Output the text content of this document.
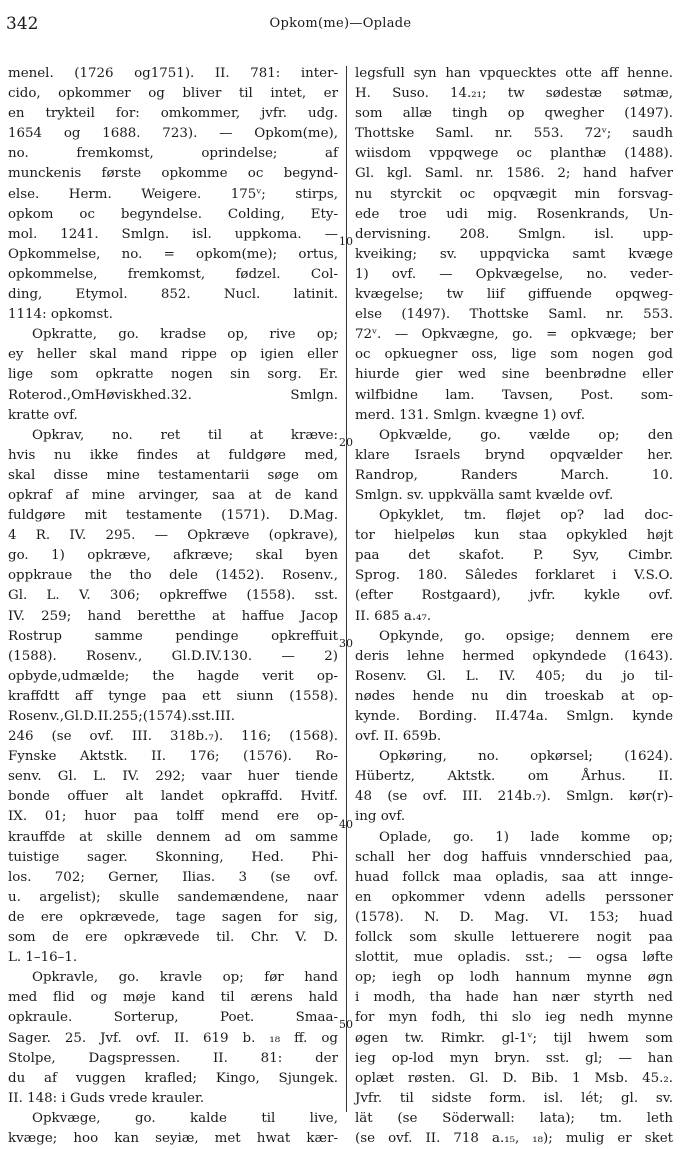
342	Opkom(me)—Oplade
menel. (1726 og1751). II. 781: inter-
cido, opkommer og bliver til intet, er
en trykteil for: omkommer, jvfr. udg.
1654 og 1688. 723). — Opkom(me),
no. fremkomst, oprindelse; af
munckenis første opkomme oc begynd-
else. Herm. Weigere. 175ᵛ; stirps,
opkom oc begyndelse. Colding, Ety-
mol. 1241. Smlgn. isl. uppkoma. —
Opkommelse, no. = opkom(me); ortus,
opkommelse, fremkomst, fødzel. Col-
ding, Etymol. 852. Nucl. latinit.
1114: opkomst.
Opkratte, go. kradse op, rive op;
ey heller skal mand rippe op igien eller
lige som opkratte nogen sin sorg. Er.
Roterod.,OmHøviskhed.32. Smlgn.
kratte ovf.
Opkrav, no. ret til at kræve:
hvis nu ikke findes at fuldgøre med,
skal disse mine testamentarii søge om
opkraf af mine arvinger, saa at de kand
fuldgøre mit testamente (1571). D.Mag.
4 R. IV. 295. — Opkræve (opkrave),
go. 1) opkræve, afkræve; skal byen
oppkraue the tho dele (1452). Rosenv.,
Gl. L. V. 306; opkreffwe (1558). sst.
IV. 259; hand beretthe at haffue Jacop
Rostrup samme pendinge opkreffuit
(1588). Rosenv., Gl.D.IV.130. — 2)
opbyde,udmælde; the hagde verit op-
kraffdtt aff tynge paa ett siunn (1558).
Rosenv.,Gl.D.II.255;(1574).sst.III.
246 (se ovf. III. 318b.₇). 116; (1568).
Fynske Aktstk. II. 176; (1576). Ro-
senv. Gl. L. IV. 292; vaar huer tiende
bonde offuer alt landet opkraffd. Hvitf.
IX. 01; huor paa tolff mend ere op-
krauffde at skille dennem ad om samme
tuistige sager. Skonning, Hed. Phi-
los. 702; Gerner, Ilias. 3 (se ovf.
u. argelist); skulle sandemændene, naar
de ere opkrævede, tage sagen for sig,
som de ere opkrævede til. Chr. V. D.
L. 1–16–1.
Opkravle, go. kravle op; før hand
med flid og møje kand til ærens hald
opkraule. Sorterup, Poet. Smaa-
Sager. 25. Jvf. ovf. II. 619 b. ₁₈ ff. og
Stolpe, Dagspressen. II. 81: der
du af vuggen krafled; Kingo, Sjungek.
II. 148: i Guds vrede krauler.
Opkvæge, go. kalde til live,
kvæge; hoo kan seyiæ, met hwat kær-
legsfull syn han vpquecktes otte aff henne.
H. Suso. 14.₂₁; tw sødestæ søtmæ,
som allæ tingh op qwegher (1497).
Thottske Saml. nr. 553. 72ᵛ; saudh
wiisdom vppqwege oc planthæ (1488).
Gl. kgl. Saml. nr. 1586. 2; hand hafver
nu styrckit oc opqvægit min forsvag-
ede troe udi mig. Rosenkrands, Un-
dervisning. 208. Smlgn. isl. upp-
kveiking; sv. uppqvicka samt kvæge
1) ovf. — Opkvægelse, no. veder-
kvægelse; tw liif giffuende opqweg-
else (1497). Thottske Saml. nr. 553.
72ᵛ. — Opkvægne, go. = opkvæge; ber
oc opkuegner oss, lige som nogen god
hiurde gier wed sine beenbrødne eller
wilfbidne lam. Tavsen, Post. som-
merd. 131. Smlgn. kvægne 1) ovf.
Opkvælde, go. vælde op; den
klare Israels brynd opqvælder her.
Randrop, Randers March. 10.
Smlgn. sv. uppkvälla samt kvælde ovf.
Opkyklet, tm. fløjet op? lad doc-
tor hielpeløs kun staa opkykled højt
paa det skafot. P. Syv, Cimbr.
Sprog. 180. Sâledes forklaret i V.S.O.
(efter Rostgaard), jvfr. kykle ovf.
II. 685 a.₄₇.
Opkynde, go. opsige; dennem ere
deris lehne hermed opkyndede (1643).
Rosenv. Gl. L. IV. 405; du jo til-
nødes hende nu din troeskab at op-
kynde. Bording. II.474a. Smlgn. kynde
ovf. II. 659b.
Opkøring, no. opkørsel; (1624).
Hübertz, Aktstk. om Århus. II.
48 (se ovf. III. 214b.₇). Smlgn. kør(r)-
ing ovf.
Oplade, go. 1) lade komme op;
schall her dog haffuis vnnderschied paa,
huad follck maa opladis, saa att innge-
en opkommer vdenn adells perssoner
(1578). N. D. Mag. VI. 153; huad
follck som skulle lettuerere nogit paa
slottit, mue opladis. sst.; — ogsa løfte
op; iegh op lodh hannum mynne øgn
i modh, tha hade han nær styrth ned
for myn fodh, thi slo ieg nedh mynne
øgen tw. Rimkr. gl-1ᵛ; tijl hwem som
ieg op-lod myn bryn. sst. gl; — han
oplæt røsten. Gl. D. Bib. 1 Msb. 45.₂.
Jvfr. til sidste form. isl. lét; gl. sv.
lät (se Söderwall: lata); tm. leth
(se ovf. II. 718 a.₁₅, ₁₈); mulig er sket
10
20
30
40
50
